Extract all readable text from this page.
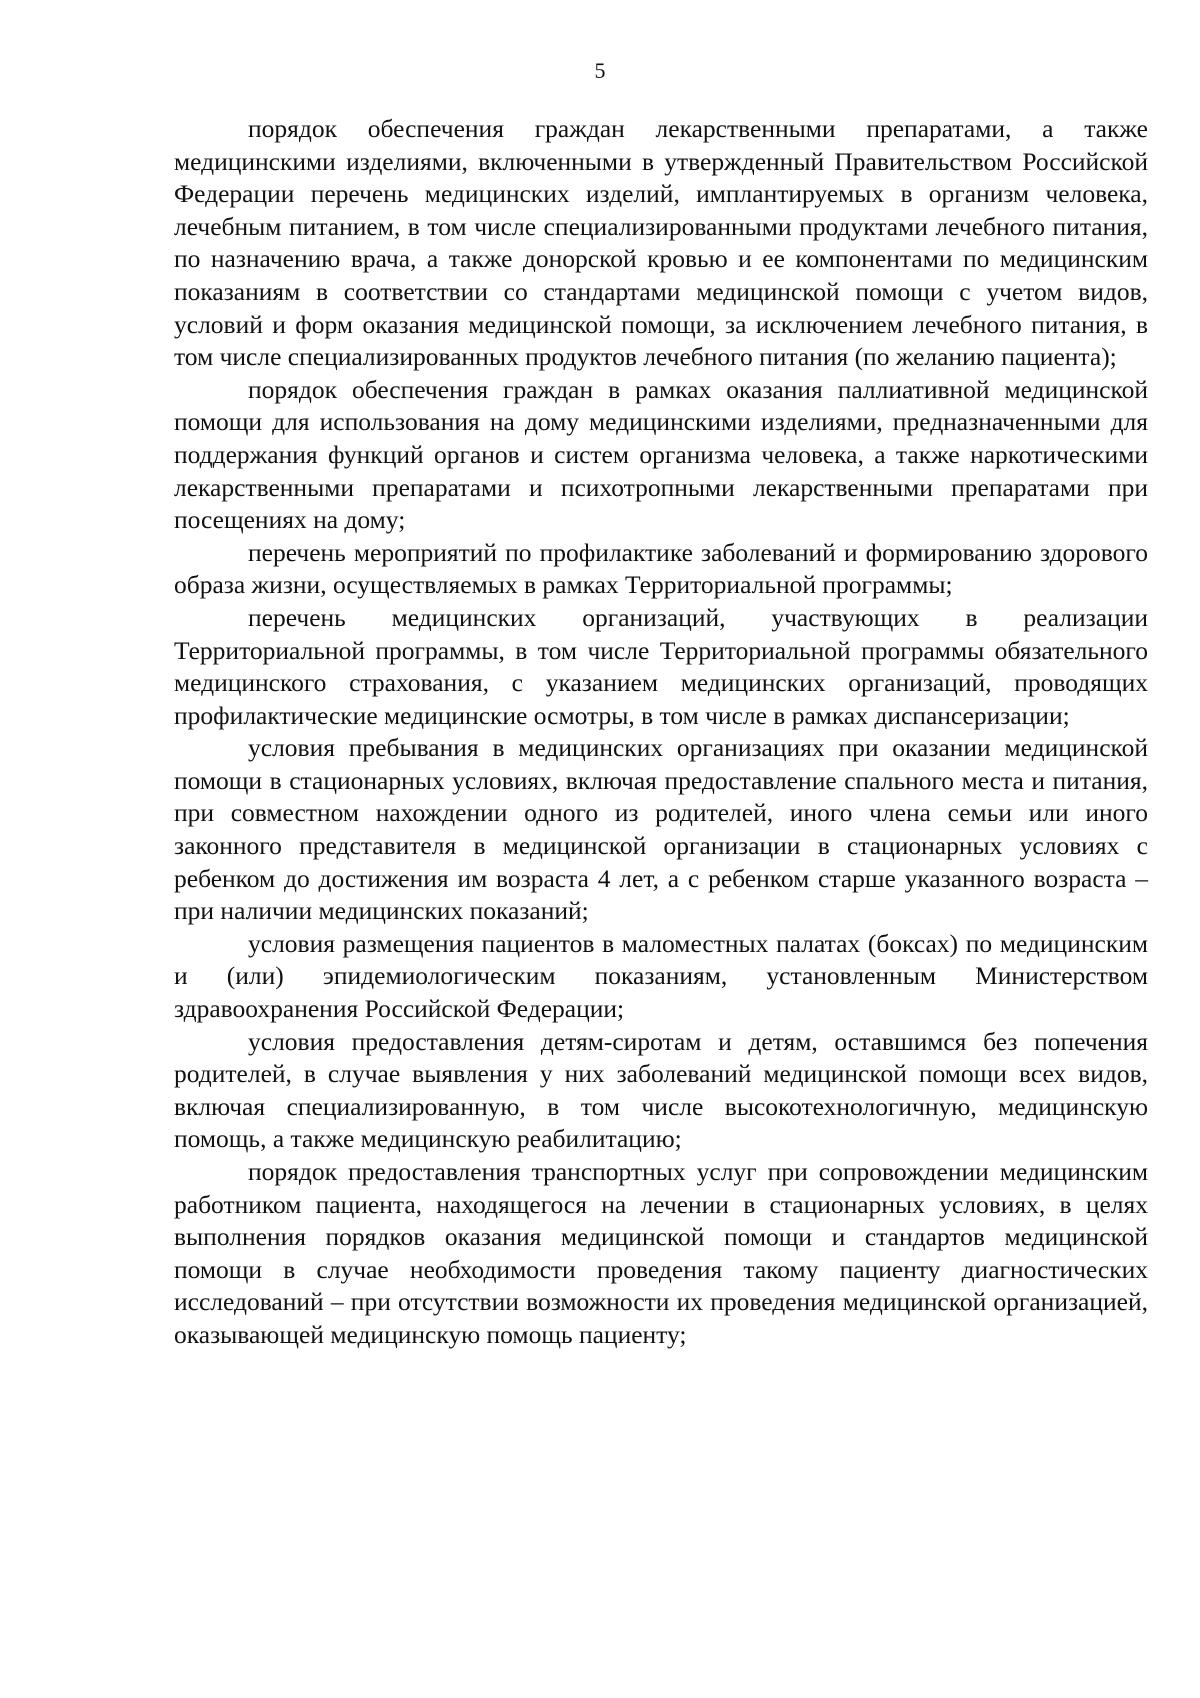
5

порядок обеспечения граждан лекарственными препаратами, а также медицинскими изделиями, включенными в утвержденный Правительством Российской Федерации перечень медицинских изделий, имплантируемых в организм человека, лечебным питанием, в том числе специализированными продуктами лечебного питания, по назначению врача, а также донорской кровью и ее компонентами по медицинским показаниям в соответствии со стандартами медицинской помощи с учетом видов, условий и форм оказания медицинской помощи, за исключением лечебного питания, в том числе специализированных продуктов лечебного питания (по желанию пациента);

порядок обеспечения граждан в рамках оказания паллиативной медицинской помощи для использования на дому медицинскими изделиями, предназначенными для поддержания функций органов и систем организма человека, а также наркотическими лекарственными препаратами и психотропными лекарственными препаратами при посещениях на дому;

перечень мероприятий по профилактике заболеваний и формированию здорового образа жизни, осуществляемых в рамках Территориальной программы;

перечень медицинских организаций, участвующих в реализации Территориальной программы, в том числе Территориальной программы обязательного медицинского страхования, с указанием медицинских организаций, проводящих профилактические медицинские осмотры, в том числе в рамках диспансеризации;

условия пребывания в медицинских организациях при оказании медицинской помощи в стационарных условиях, включая предоставление спального места и питания, при совместном нахождении одного из родителей, иного члена семьи или иного законного представителя в медицинской организации в стационарных условиях с ребенком до достижения им возраста 4 лет, а с ребенком старше указанного возраста – при наличии медицинских показаний;

условия размещения пациентов в маломестных палатах (боксах) по медицинским и (или) эпидемиологическим показаниям, установленным Министерством здравоохранения Российской Федерации;

условия предоставления детям-сиротам и детям, оставшимся без попечения родителей, в случае выявления у них заболеваний медицинской помощи всех видов, включая специализированную, в том числе высокотехнологичную, медицинскую помощь, а также медицинскую реабилитацию;

порядок предоставления транспортных услуг при сопровождении медицинским работником пациента, находящегося на лечении в стационарных условиях, в целях выполнения порядков оказания медицинской помощи и стандартов медицинской помощи в случае необходимости проведения такому пациенту диагностических исследований – при отсутствии возможности их проведения медицинской организацией, оказывающей медицинскую помощь пациенту;
